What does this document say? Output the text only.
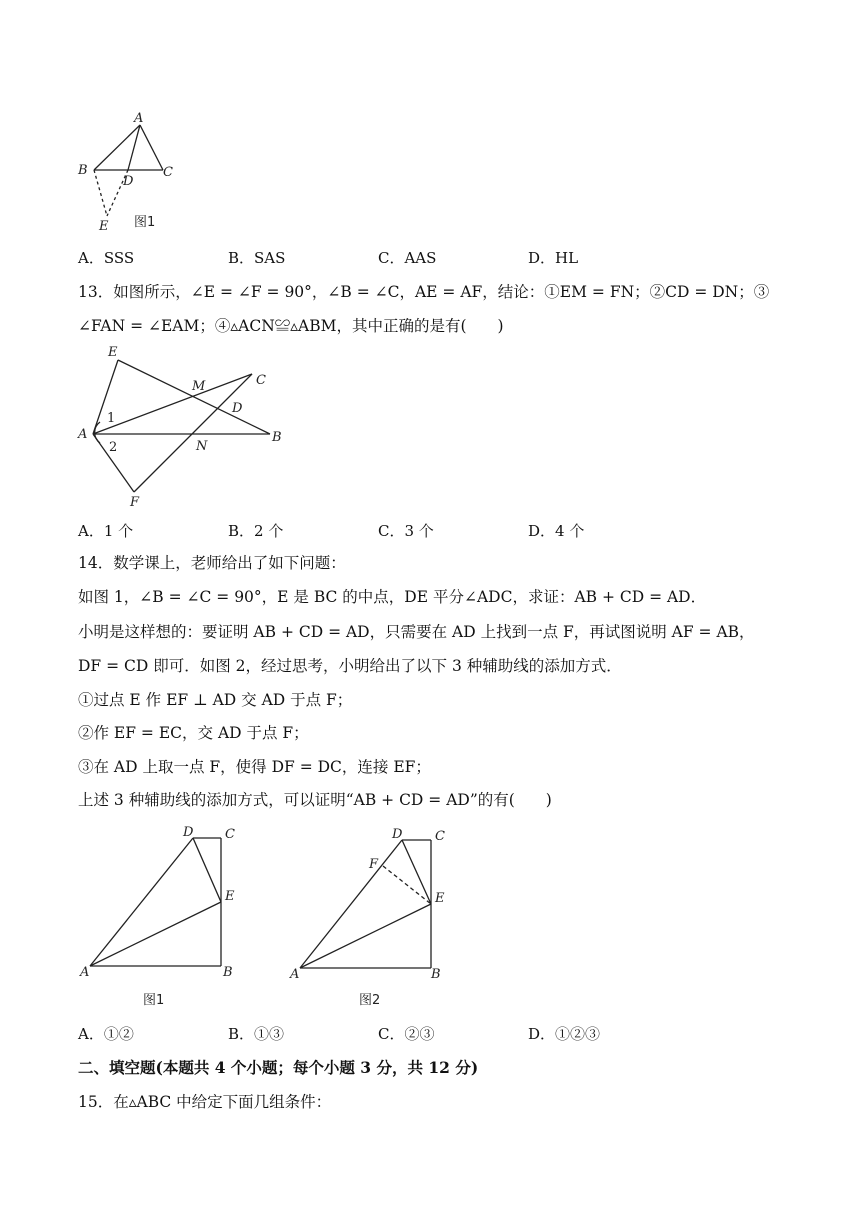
A
B	C
D
E 图1
A．SSS	B．SAS	C．AAS	D．HL
13．如图所示，∠E = ∠F = 90°，∠B = ∠C，AE = AF，结论：①EM = FN；②CD = DN；③
∠FAN = ∠EAM；④▵ACN≌▵ABM，其中正确的是有(　　)
E
M	C
D
A	B
N
F
1
2
A．1 个	B．2 个	C．3 个	D．4 个
14．数学课上，老师给出了如下问题：
如图 1，∠B = ∠C = 90°，E 是 BC 的中点，DE 平分∠ADC，求证：AB + CD = AD．
小明是这样想的：要证明 AB + CD = AD，只需要在 AD 上找到一点 F，再试图说明 AF = AB，
DF = CD 即可．如图 2，经过思考，小明给出了以下 3 种辅助线的添加方式．
①过点 E 作 EF ⊥ AD 交 AD 于点 F；
②作 EF = EC，交 AD 于点 F；
③在 AD 上取一点 F，使得 DF = DC，连接 EF；
上述 3 种辅助线的添加方式，可以证明“AB + CD = AD”的有(　　)
D C
E
A	B
图1
D	C
F
E
A	B
图2
A．①②	B．①③	C．②③	D．①②③
二、填空题(本题共 4 个小题；每个小题 3 分，共 12 分)
15．在▵ABC 中给定下面几组条件：
